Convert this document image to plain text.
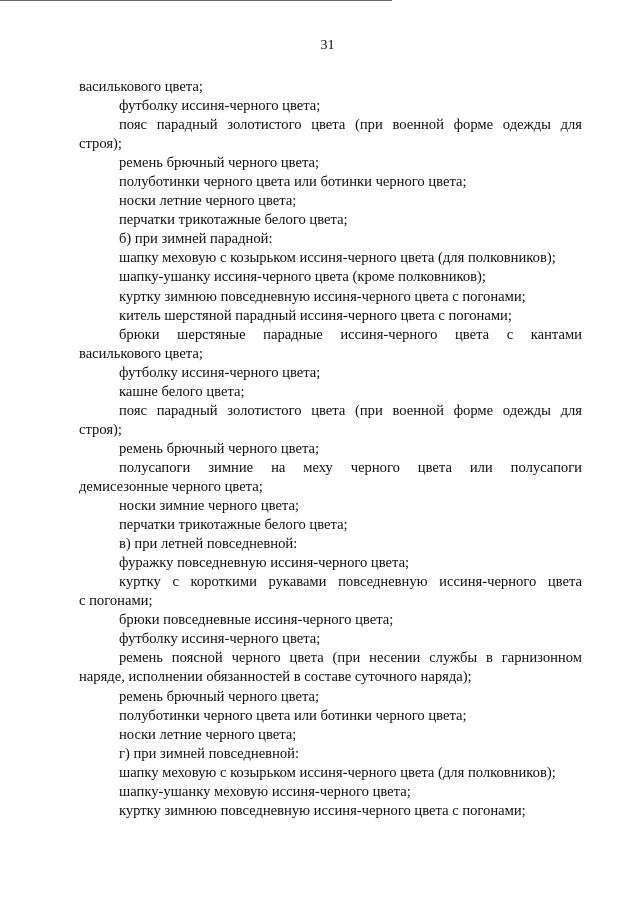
31
василькового цвета;
футболку иссиня-черного цвета;
пояс парадный золотистого цвета (при военной форме одежды для
строя);
ремень брючный черного цвета;
полуботинки черного цвета или ботинки черного цвета;
носки летние черного цвета;
перчатки трикотажные белого цвета;
б) при зимней парадной:
шапку меховую с козырьком иссиня-черного цвета (для полковников);
шапку-ушанку иссиня-черного цвета (кроме полковников);
куртку зимнюю повседневную иссиня-черного цвета с погонами;
китель шерстяной парадный иссиня-черного цвета с погонами;
брюки шерстяные парадные иссиня-черного цвета с кантами
василькового цвета;
футболку иссиня-черного цвета;
кашне белого цвета;
пояс парадный золотистого цвета (при военной форме одежды для
строя);
ремень брючный черного цвета;
полусапоги зимние на меху черного цвета или полусапоги
демисезонные черного цвета;
носки зимние черного цвета;
перчатки трикотажные белого цвета;
в) при летней повседневной:
фуражку повседневную иссиня-черного цвета;
куртку с короткими рукавами повседневную иссиня-черного цвета
с погонами;
брюки повседневные иссиня-черного цвета;
футболку иссиня-черного цвета;
ремень поясной черного цвета (при несении службы в гарнизонном
наряде, исполнении обязанностей в составе суточного наряда);
ремень брючный черного цвета;
полуботинки черного цвета или ботинки черного цвета;
носки летние черного цвета;
г) при зимней повседневной:
шапку меховую с козырьком иссиня-черного цвета (для полковников);
шапку-ушанку меховую иссиня-черного цвета;
куртку зимнюю повседневную иссиня-черного цвета с погонами;
